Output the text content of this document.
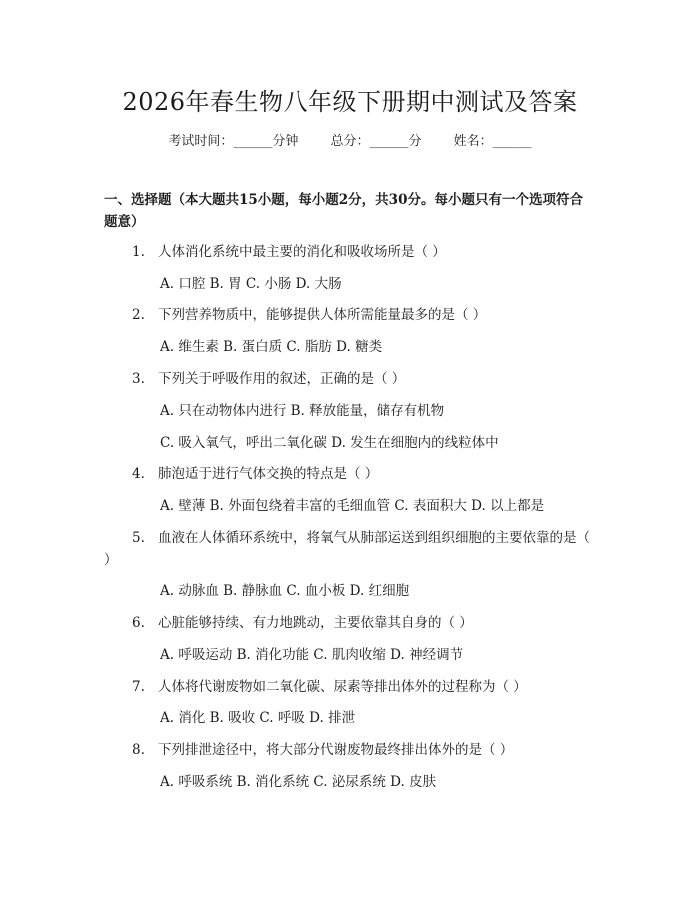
2026年春生物八年级下册期中测试及答案
考试时间：______分钟 总分：______分 姓名：______
一、选择题（本大题共15小题，每小题2分，共30分。每小题只有一个选项符合题意）
1. 人体消化系统中最主要的消化和吸收场所是（ ）
A. 口腔 B. 胃 C. 小肠 D. 大肠
2. 下列营养物质中，能够提供人体所需能量最多的是（ ）
A. 维生素 B. 蛋白质 C. 脂肪 D. 糖类
3. 下列关于呼吸作用的叙述，正确的是（ ）
A. 只在动物体内进行 B. 释放能量，储存有机物
C. 吸入氧气，呼出二氧化碳 D. 发生在细胞内的线粒体中
4. 肺泡适于进行气体交换的特点是（ ）
A. 壁薄 B. 外面包绕着丰富的毛细血管 C. 表面积大 D. 以上都是
5. 血液在人体循环系统中，将氧气从肺部运送到组织细胞的主要依靠的是（ ）
A. 动脉血 B. 静脉血 C. 血小板 D. 红细胞
6. 心脏能够持续、有力地跳动，主要依靠其自身的（ ）
A. 呼吸运动 B. 消化功能 C. 肌肉收缩 D. 神经调节
7. 人体将代谢废物如二氧化碳、尿素等排出体外的过程称为（ ）
A. 消化 B. 吸收 C. 呼吸 D. 排泄
8. 下列排泄途径中，将大部分代谢废物最终排出体外的是（ ）
A. 呼吸系统 B. 消化系统 C. 泌尿系统 D. 皮肤
